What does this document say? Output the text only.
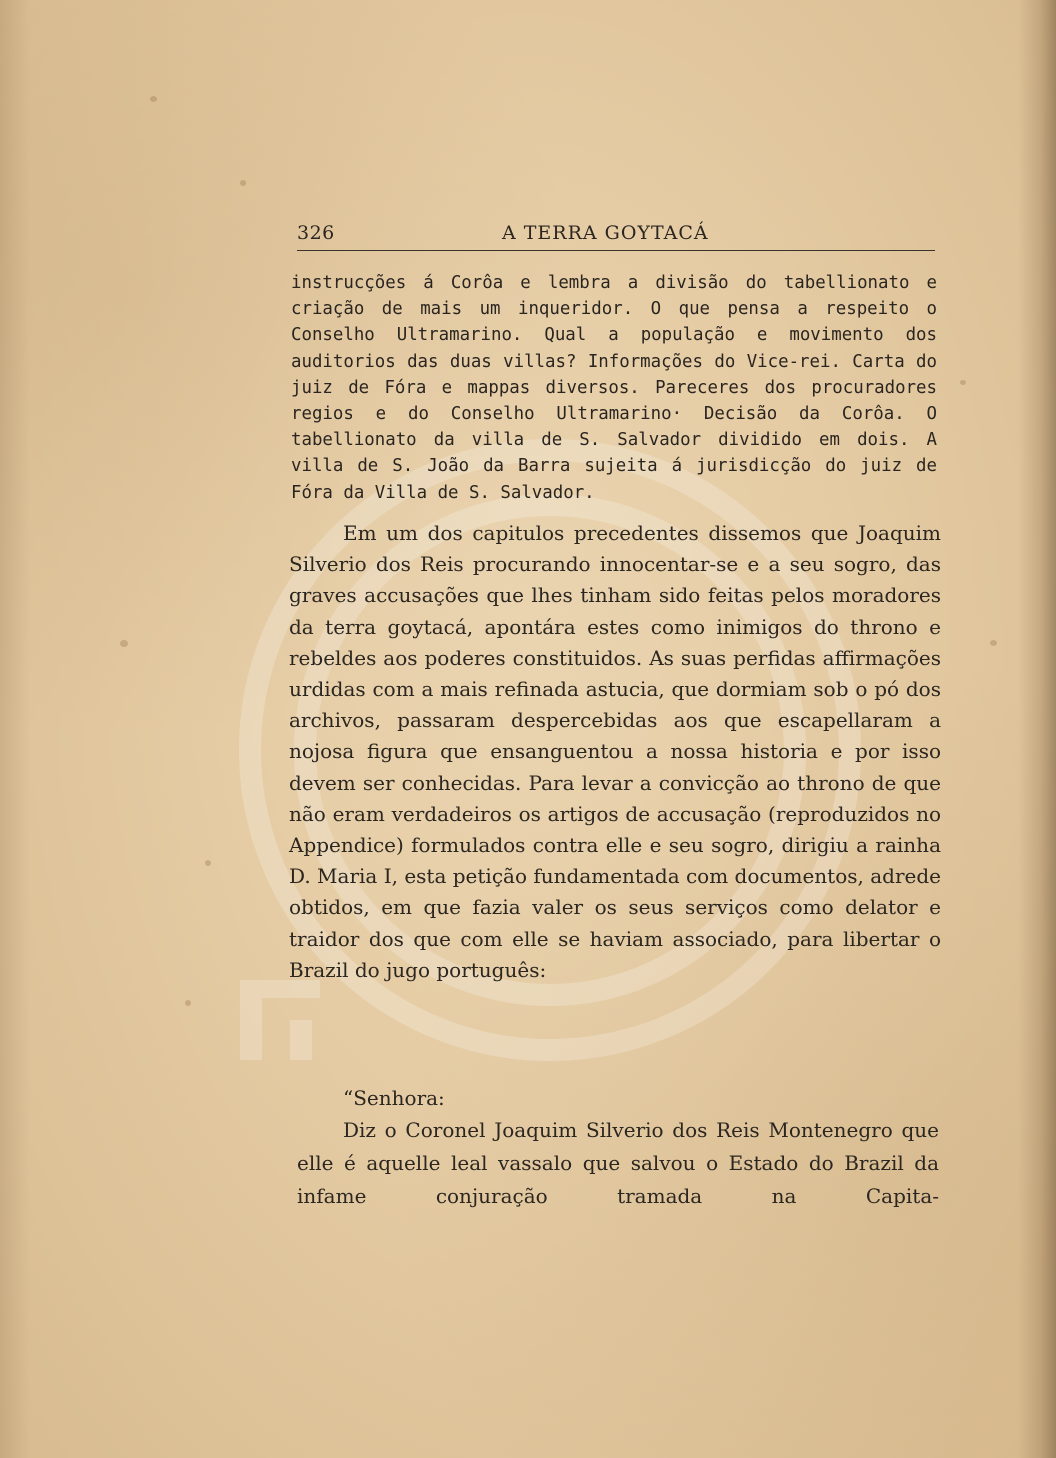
326	A TERRA GOYTACÁ
instrucções á Corôa e lembra a divisão do tabellionato e criação de mais um inqueridor. O que pensa a respeito o Conselho Ultramarino. Qual a população e movimento dos auditorios das duas villas? Informações do Vice-rei. Carta do juiz de Fóra e mappas diversos. Pareceres dos procuradores regios e do Conselho Ultramarino· Decisão da Corôa. O tabellionato da villa de S. Salvador dividido em dois. A villa de S. João da Barra sujeita á jurisdicção do juiz de Fóra da Villa de S. Salvador.

Em um dos capitulos precedentes dissemos que Joaquim Silverio dos Reis procurando innocentar-se e a seu sogro, das graves accusações que lhes tinham sido feitas pelos moradores da terra goytacá, apontára estes como inimigos do throno e rebeldes aos poderes constituidos. As suas perfidas affirmações urdidas com a mais refinada astucia, que dormiam sob o pó dos archivos, passaram despercebidas aos que escapellaram a nojosa figura que ensanguentou a nossa historia e por isso devem ser conhecidas. Para levar a convicção ao throno de que não eram verdadeiros os artigos de accusação (reproduzidos no Appendice) formulados contra elle e seu sogro, dirigiu a rainha D. Maria I, esta petição fundamentada com documentos, adrede obtidos, em que fazia valer os seus serviços como delator e traidor dos que com elle se haviam associado, para libertar o Brazil do jugo português:

“Senhora:

Diz o Coronel Joaquim Silverio dos Reis Montenegro que elle é aquelle leal vassalo que salvou o Estado do Brazil da infame conjuração tramada na Capita-
